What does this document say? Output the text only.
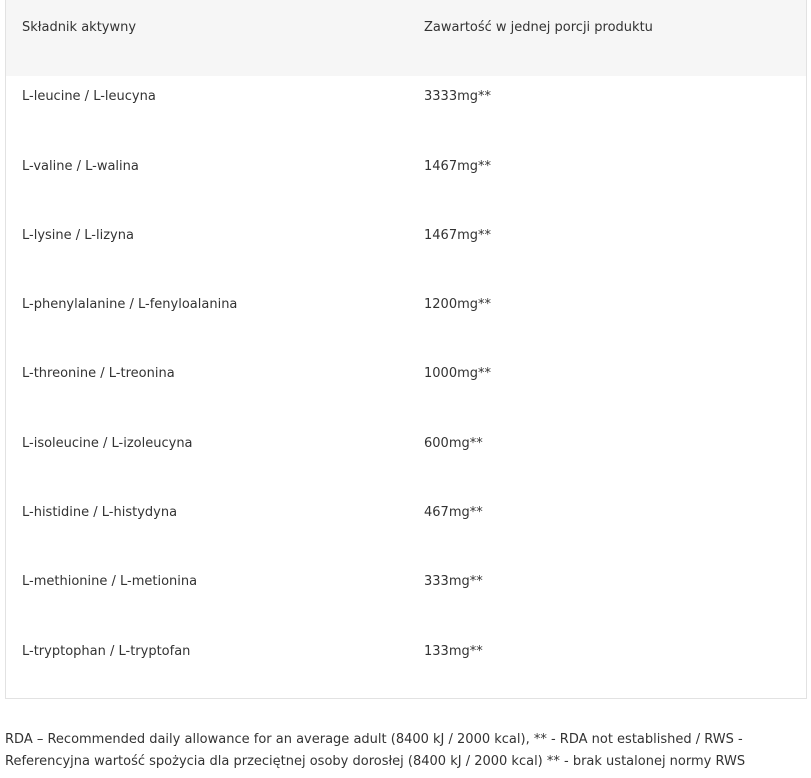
Składnik aktywny	Zawartość w jednej porcji produktu
L-leucine / L-leucyna	3333mg**
L-valine / L-walina	1467mg**
L-lysine / L-lizyna	1467mg**
L-phenylalanine / L-fenyloalanina	1200mg**
L-threonine / L-treonina	1000mg**
L-isoleucine / L-izoleucyna	600mg**
L-histidine / L-histydyna	467mg**
L-methionine / L-metionina	333mg**
L-tryptophan / L-tryptofan	133mg**
RDA – Recommended daily allowance for an average adult (8400 kJ / 2000 kcal), ** - RDA not established / RWS - Referencyjna wartość spożycia dla przeciętnej osoby dorosłej (8400 kJ / 2000 kcal) ** - brak ustalonej normy RWS
